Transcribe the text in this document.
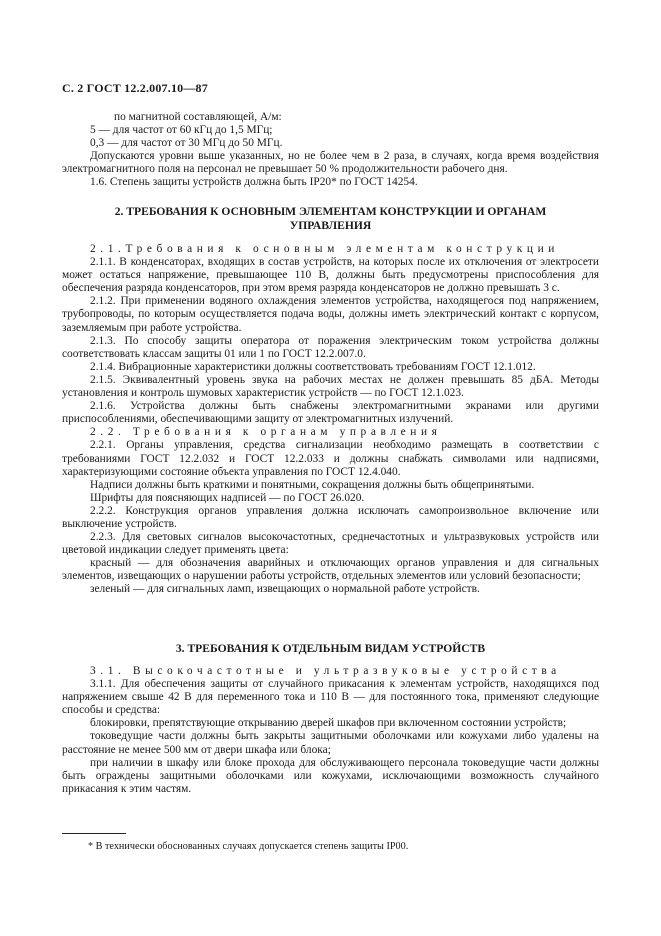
С. 2 ГОСТ 12.2.007.10—87

по магнитной составляющей, А/м:

5 — для частот от 60 кГц до 1,5 МГц;

0,3 — для частот от 30 МГц до 50 МГц.

Допускаются уровни выше указанных, но не более чем в 2 раза, в случаях, когда время воздействия электромагнитного поля на персонал не превышает 50 % продолжительности рабочего дня.

1.6. Степень защиты устройств должна быть IP20* по ГОСТ 14254.

2. ТРЕБОВАНИЯ К ОСНОВНЫМ ЭЛЕМЕНТАМ КОНСТРУКЦИИ И ОРГАНАМ УПРАВЛЕНИЯ

2.1.Требования к основным элементам конструкции

2.1.1. В конденсаторах, входящих в состав устройств, на которых после их отключения от электросети может остаться напряжение, превышающее 110 В, должны быть предусмотрены приспособления для обеспечения разряда конденсаторов, при этом время разряда конденсаторов не должно превышать 3 с.

2.1.2. При применении водяного охлаждения элементов устройства, находящегося под напряжением, трубопроводы, по которым осуществляется подача воды, должны иметь электрический контакт с корпусом, заземляемым при работе устройства.

2.1.3. По способу защиты оператора от поражения электрическим током устройства должны соответствовать классам защиты 01 или 1 по ГОСТ 12.2.007.0.

2.1.4. Вибрационные характеристики должны соответствовать требованиям ГОСТ 12.1.012.

2.1.5. Эквивалентный уровень звука на рабочих местах не должен превышать 85 дБА. Методы установления и контроль шумовых характеристик устройств — по ГОСТ 12.1.023.

2.1.6. Устройства должны быть снабжены электромагнитными экранами или другими приспособлениями, обеспечивающими защиту от электромагнитных излучений.

2.2. Требования к органам управления

2.2.1. Органы управления, средства сигнализации необходимо размещать в соответствии с требованиями ГОСТ 12.2.032 и ГОСТ 12.2.033 и должны снабжать символами или надписями, характеризующими состояние объекта управления по ГОСТ 12.4.040.

Надписи должны быть краткими и понятными, сокращения должны быть общепринятыми.

Шрифты для поясняющих надписей — по ГОСТ 26.020.

2.2.2. Конструкция органов управления должна исключать самопроизвольное включение или выключение устройств.

2.2.3. Для световых сигналов высокочастотных, среднечастотных и ультразвуковых устройств или цветовой индикации следует применять цвета:

красный — для обозначения аварийных и отключающих органов управления и для сигнальных элементов, извещающих о нарушении работы устройств, отдельных элементов или условий безопасности;

зеленый — для сигнальных ламп, извещающих о нормальной работе устройств.

3. ТРЕБОВАНИЯ К ОТДЕЛЬНЫМ ВИДАМ УСТРОЙСТВ

3.1. Высокочастотные и ультразвуковые устройства

3.1.1. Для обеспечения защиты от случайного прикасания к элементам устройств, находящихся под напряжением свыше 42 В для переменного тока и 110 В — для постоянного тока, применяют следующие способы и средства:

блокировки, препятствующие открыванию дверей шкафов при включенном состоянии устройств;

токоведущие части должны быть закрыты защитными оболочками или кожухами либо удалены на расстояние не менее 500 мм от двери шкафа или блока;

при наличии в шкафу или блоке прохода для обслуживающего персонала токоведущие части должны быть ограждены защитными оболочками или кожухами, исключающими возможность случайного прикасания к этим частям.

* В технически обоснованных случаях допускается степень защиты IP00.
